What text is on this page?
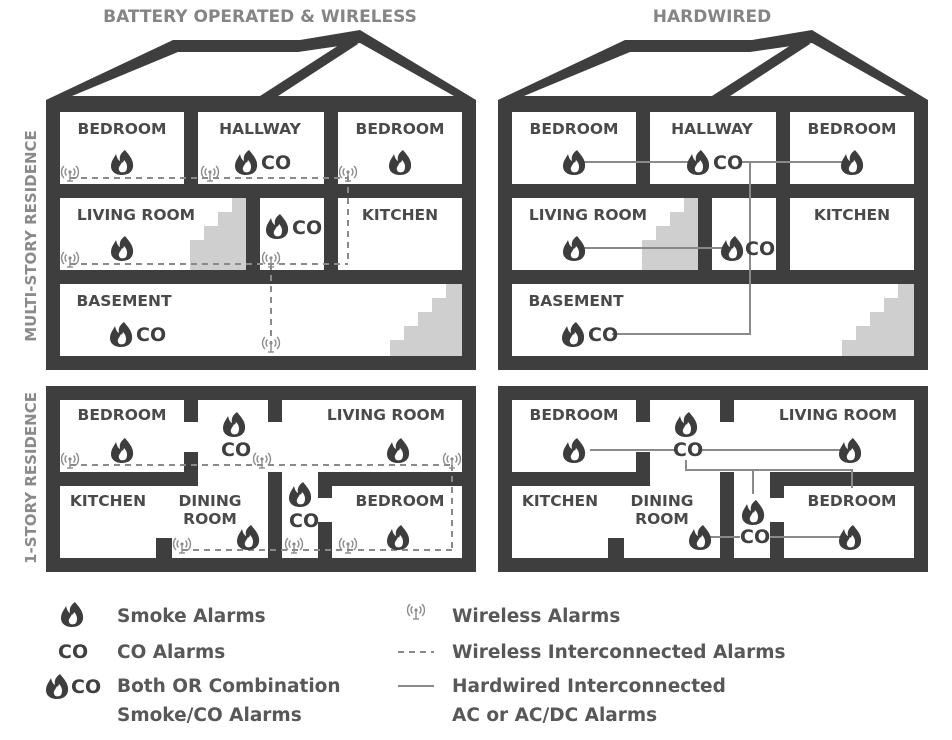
BATTERY OPERATED & WIRELESS	HARDWIRED
MULTI-STORY RESIDENCE
1-STORY RESIDENCE
BEDROOM	HALLWAY	BEDROOM
LIVING ROOM	KITCHEN
BASEMENT
BEDROOM	HALLWAY	BEDROOM
LIVING ROOM	KITCHEN
BASEMENT
BEDROOM	LIVING ROOM
KITCHEN DINING
ROOM
BEDROOM
BEDROOM	LIVING ROOM
KITCHEN DINING
ROOM
BEDROOM
CO
CO
CO
CO
CO
CO
CO
CO
CO
CO
Smoke Alarms
CO CO Alarms
CO Both OR Combination
Smoke/CO Alarms
Wireless Alarms
Wireless Interconnected Alarms
Hardwired Interconnected
AC or AC/DC Alarms
